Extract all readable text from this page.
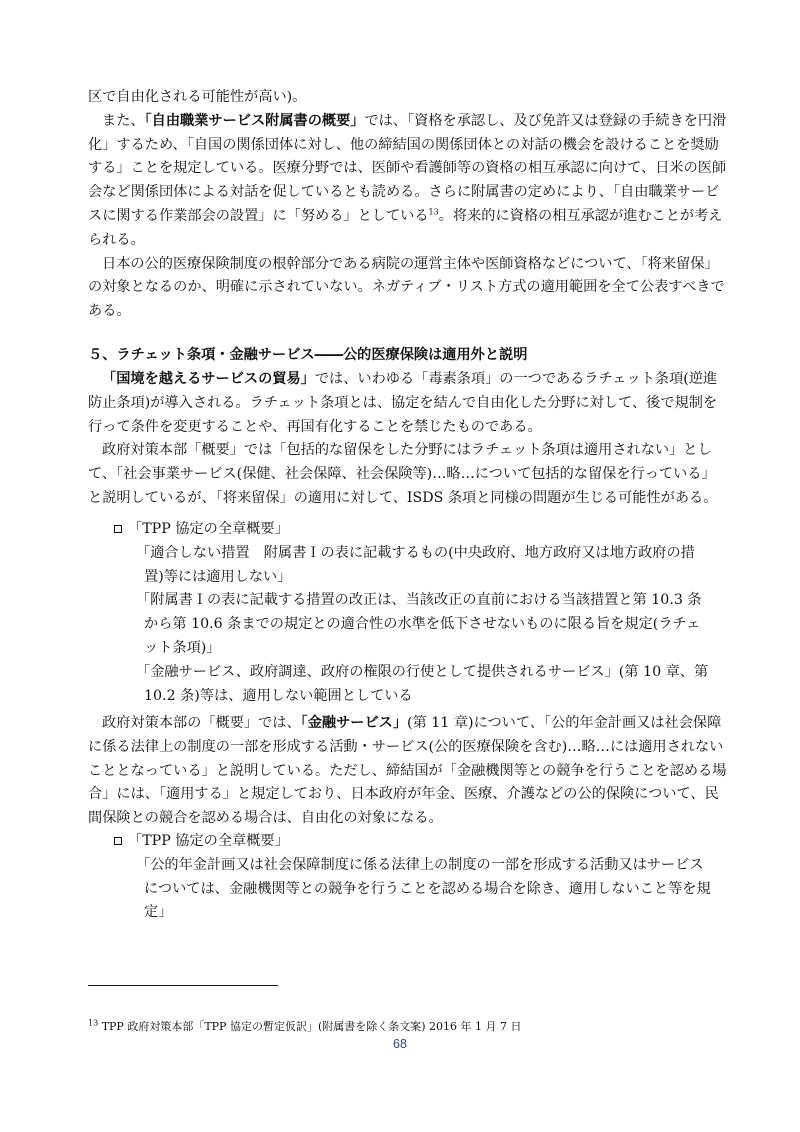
区で自由化される可能性が高い)。

また、「自由職業サービス附属書の概要」では、「資格を承認し、及び免許又は登録の手続きを円滑化」するため、「自国の関係団体に対し、他の締結国の関係団体との対話の機会を設けることを奨励する」ことを規定している。医療分野では、医師や看護師等の資格の相互承認に向けて、日米の医師会など関係団体による対話を促しているとも読める。さらに附属書の定めにより、「自由職業サービスに関する作業部会の設置」に「努める」としている$^{13}$。将来的に資格の相互承認が進むことが考えられる。

日本の公的医療保険制度の根幹部分である病院の運営主体や医師資格などについて、「将来留保」の対象となるのか、明確に示されていない。ネガティブ・リスト方式の適用範囲を全て公表すべきである。

５、ラチェット条項・金融サービス――公的医療保険は適用外と説明

「国境を越えるサービスの貿易」では、いわゆる「毒素条項」の一つであるラチェット条項(逆進防止条項)が導入される。ラチェット条項とは、協定を結んで自由化した分野に対して、後で規制を行って条件を変更することや、再国有化することを禁じたものである。

政府対策本部「概要」では「包括的な留保をした分野にはラチェット条項は適用されない」として、「社会事業サービス(保健、社会保障、社会保険等)…略…について包括的な留保を行っている」と説明しているが、「将来留保」の適用に対して、ISDS 条項と同様の問題が生じる可能性がある。

「TPP 協定の全章概要」

「適合しない措置　附属書Ｉの表に記載するもの(中央政府、地方政府又は地方政府の措置)等には適用しない」

「附属書Ｉの表に記載する措置の改正は、当該改正の直前における当該措置と第 10.3 条から第 10.6 条までの規定との適合性の水準を低下させないものに限る旨を規定(ラチェット条項)」

「金融サービス、政府調達、政府の権限の行使として提供されるサービス」(第 10 章、第 10.2 条)等は、適用しない範囲としている

政府対策本部の「概要」では、「金融サービス」(第 11 章)について、「公的年金計画又は社会保障に係る法律上の制度の一部を形成する活動・サービス(公的医療保険を含む)…略…には適用されないこととなっている」と説明している。ただし、締結国が「金融機関等との競争を行うことを認める場合」には、「適用する」と規定しており、日本政府が年金、医療、介護などの公的保険について、民間保険との競合を認める場合は、自由化の対象になる。

「TPP 協定の全章概要」

「公的年金計画又は社会保障制度に係る法律上の制度の一部を形成する活動又はサービスについては、金融機関等との競争を行うことを認める場合を除き、適用しないこと等を規定」

$^{13}$ TPP 政府対策本部「TPP 協定の暫定仮訳」(附属書を除く条文案) 2016 年 1 月 7 日
68
